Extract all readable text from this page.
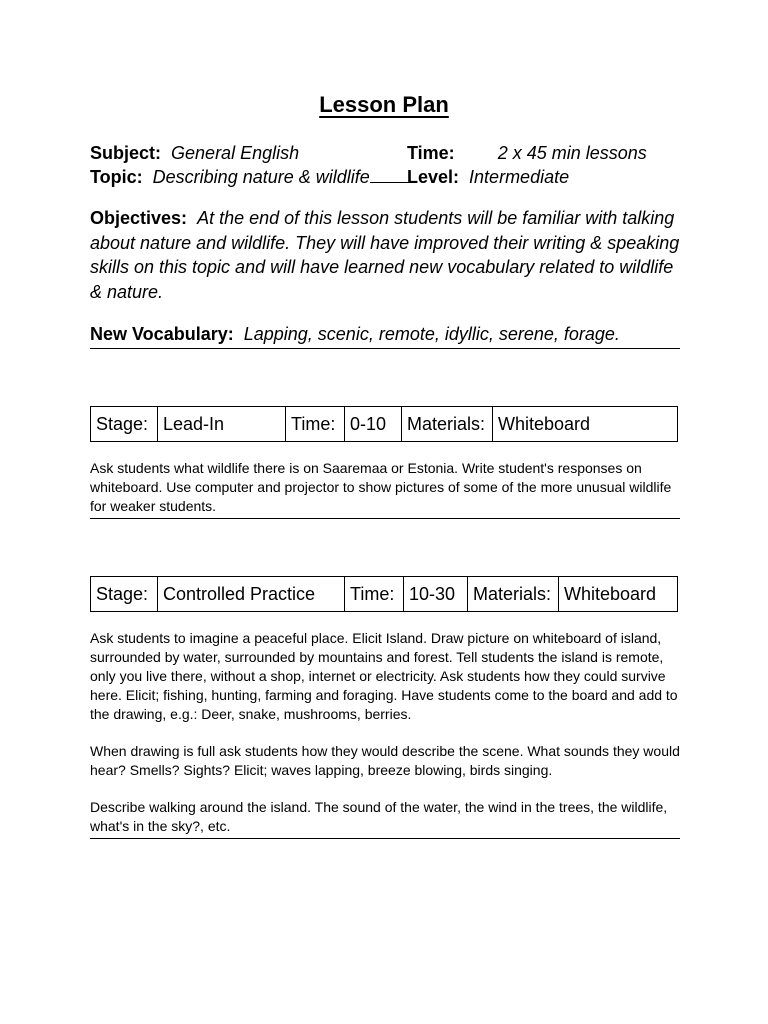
Lesson Plan
Subject: General English	Time: 2 x 45 min lessons
Topic: Describing nature & wildlife	Level: Intermediate
Objectives: At the end of this lesson students will be familiar with talking about nature and wildlife. They will have improved their writing & speaking skills on this topic and will have learned new vocabulary related to wildlife & nature.
New Vocabulary: Lapping, scenic, remote, idyllic, serene, forage.
Stage:	Lead-In	Time:	0-10	Materials:	Whiteboard

Ask students what wildlife there is on Saaremaa or Estonia. Write student's responses on whiteboard. Use computer and projector to show pictures of some of the more unusual wildlife for weaker students.

Stage:	Controlled Practice	Time:	10-30	Materials:	Whiteboard

Ask students to imagine a peaceful place. Elicit Island. Draw picture on whiteboard of island, surrounded by water, surrounded by mountains and forest. Tell students the island is remote, only you live there, without a shop, internet or electricity. Ask students how they could survive here. Elicit; fishing, hunting, farming and foraging. Have students come to the board and add to the drawing, e.g.: Deer, snake, mushrooms, berries.

When drawing is full ask students how they would describe the scene. What sounds they would hear? Smells? Sights? Elicit; waves lapping, breeze blowing, birds singing.

Describe walking around the island. The sound of the water, the wind in the trees, the wildlife, what's in the sky?, etc.
